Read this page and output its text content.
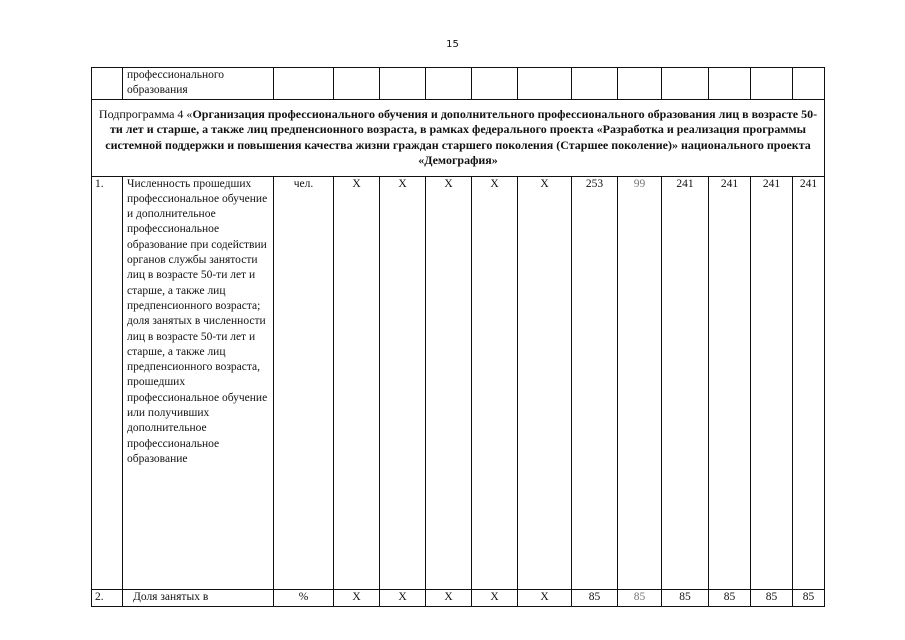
15
	профессионального образования												
Подпрограмма 4 «Организация профессионального обучения и дополнительного профессионального образования лиц в возрасте 50-ти лет и старше, а также лиц предпенсионного возраста, в рамках федерального проекта «Разработка и реализация программы системной поддержки и повышения качества жизни граждан старшего поколения (Старшее поколение)» национального проекта «Демография»													
1.	Численность прошедших профессиональное обучение и дополнительное профессиональное образование при содействии органов службы занятости лиц в возрасте 50-ти лет и старше, а также лиц предпенсионного возраста; доля занятых в численности лиц в возрасте 50-ти лет и старше, а также лиц предпенсионного возраста, прошедших профессиональное обучение или получивших дополнительное профессиональное образование	чел.	Х	Х	Х	Х	Х	253	99	241	241	241	241
2.	Доля занятых в	%	Х	Х	Х	Х	Х	85	85	85	85	85	85
